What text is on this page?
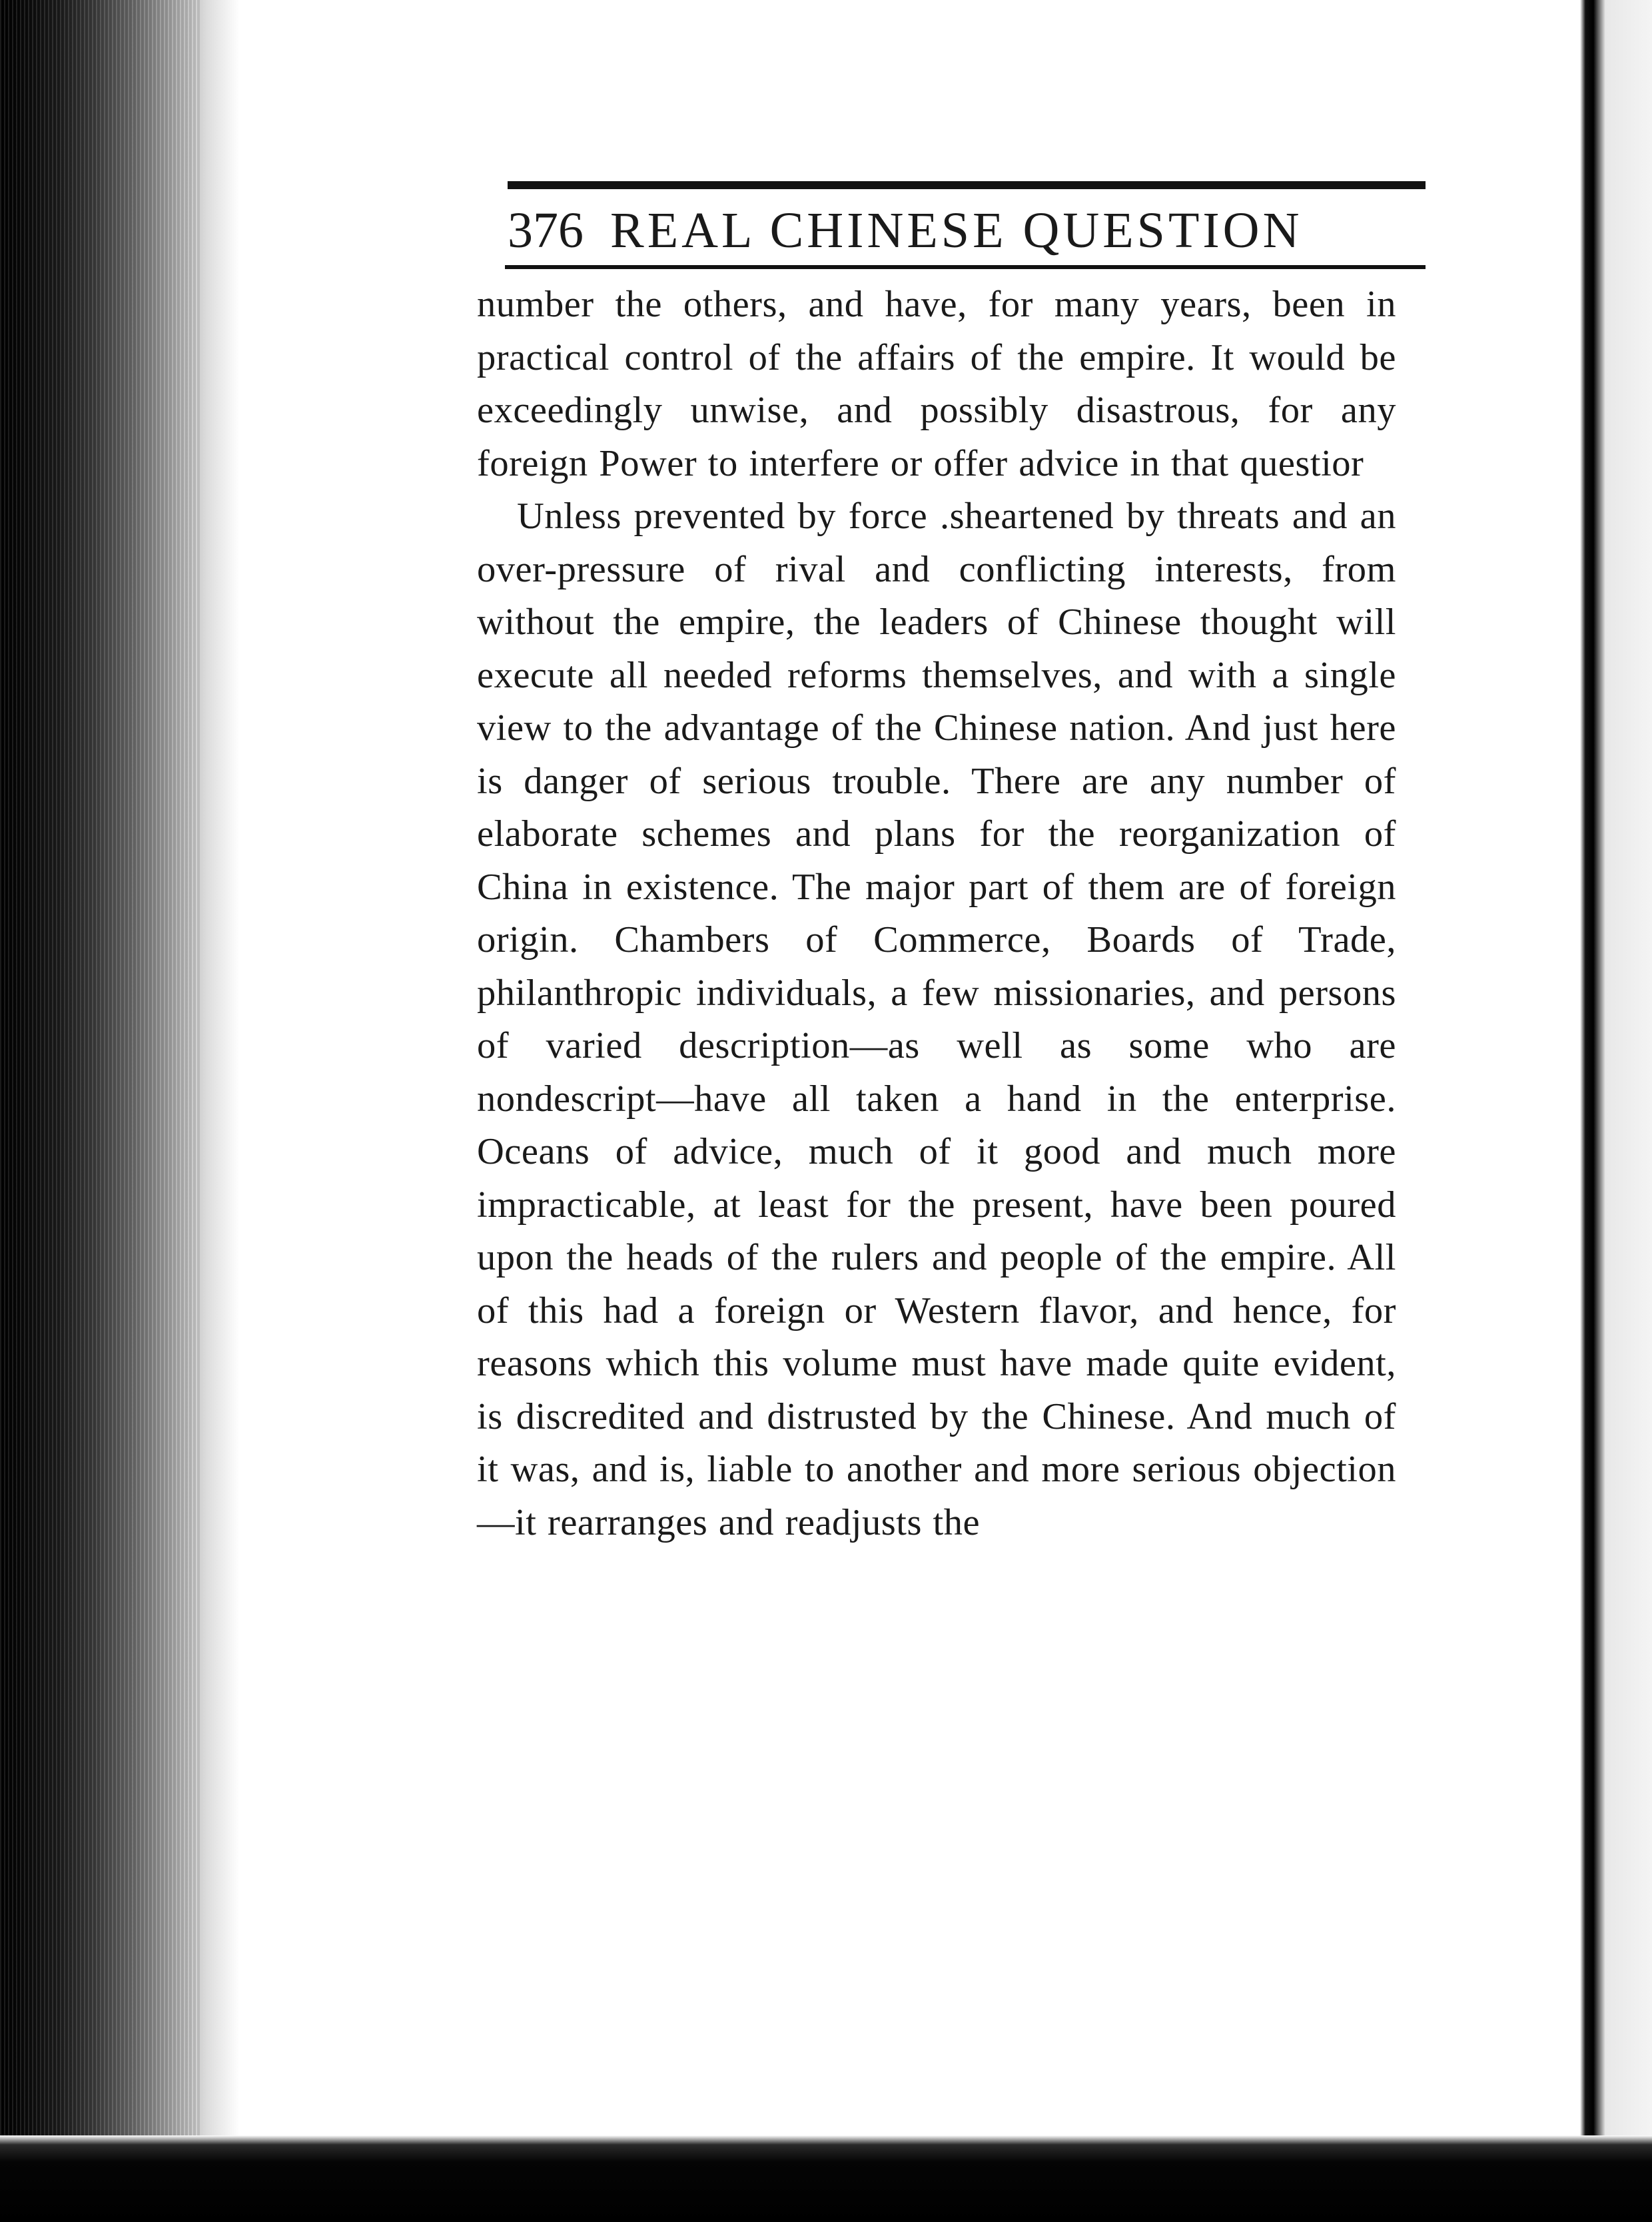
376 REAL CHINESE QUESTION

number the others, and have, for many years, been in practical control of the affairs of the empire. It would be exceedingly unwise, and possibly disastrous, for any foreign Power to interfere or offer advice in that questior

Unless prevented by force .sheartened by threats and an over-pressure of rival and conflicting interests, from without the empire, the leaders of Chinese thought will execute all needed reforms themselves, and with a single view to the advantage of the Chinese nation. And just here is danger of serious trouble. There are any number of elaborate schemes and plans for the reorganization of China in existence. The major part of them are of foreign origin. Chambers of Commerce, Boards of Trade, philanthropic individuals, a few missionaries, and persons of varied description—as well as some who are nondescript—have all taken a hand in the enterprise. Oceans of advice, much of it good and much more impracticable, at least for the present, have been poured upon the heads of the rulers and people of the empire. All of this had a foreign or Western flavor, and hence, for reasons which this volume must have made quite evident, is discredited and distrusted by the Chinese. And much of it was, and is, liable to another and more serious objection—it rearranges and readjusts the
